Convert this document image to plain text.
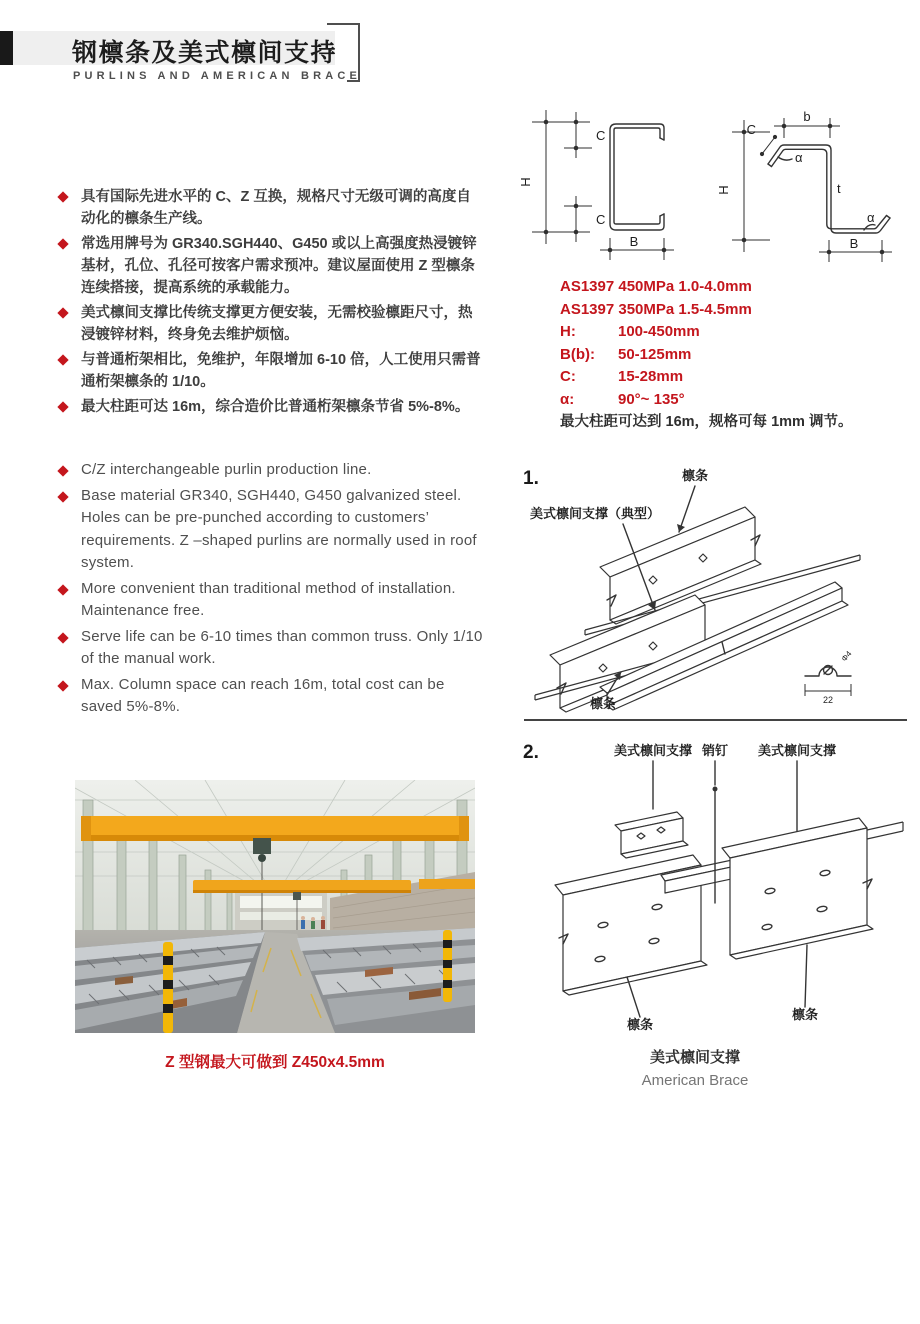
钢檩条及美式檩间支持
PURLINS AND AMERICAN BRACE
具有国际先进水平的 C、Z 互换，规格尺寸无级可调的高度自动化的檩条生产线。
常选用牌号为 GR340.SGH440、G450 或以上高强度热浸镀锌基材，孔位、孔径可按客户需求预冲。建议屋面使用 Z 型檩条连续搭接，提高系统的承载能力。
美式檩间支撑比传统支撑更方便安装，无需校验檩距尺寸，热浸镀锌材料，终身免去维护烦恼。
与普通桁架相比，免维护，年限增加 6-10 倍，人工使用只需普通桁架檩条的 1/10。
最大柱距可达 16m，综合造价比普通桁架檩条节省 5%-8%。
C/Z interchangeable purlin production line.
Base material GR340, SGH440, G450 galvanized steel. Holes can be pre-punched according to customers’ requirements. Z –shaped purlins are normally used in roof system.
More convenient than traditional method of installation. Maintenance free.
Serve life can be 6-10 times than common truss. Only 1/10 of the manual work.
Max. Column space can reach 16m, total cost can be saved 5%-8%.
H
C
C
B
H
b
C
α
t
α
B
AS1397 450MPa 1.0-4.0mm
AS1397 350MPa 1.5-4.5mm
H:	100-450mm
B(b): 50-125mm
C:	15-28mm
α:	90°~ 135°
最大柱距可达到 16m，规格可每 1mm 调节。
1.
Φ4
22
檩条
美式檩间支撑（典型）
檩条
2.	美式檩间支撑 销钉 美式檩间支撑
檩条
檩条
Z 型钢最大可做到 Z450x4.5mm	美式檩间支撑
American Brace
